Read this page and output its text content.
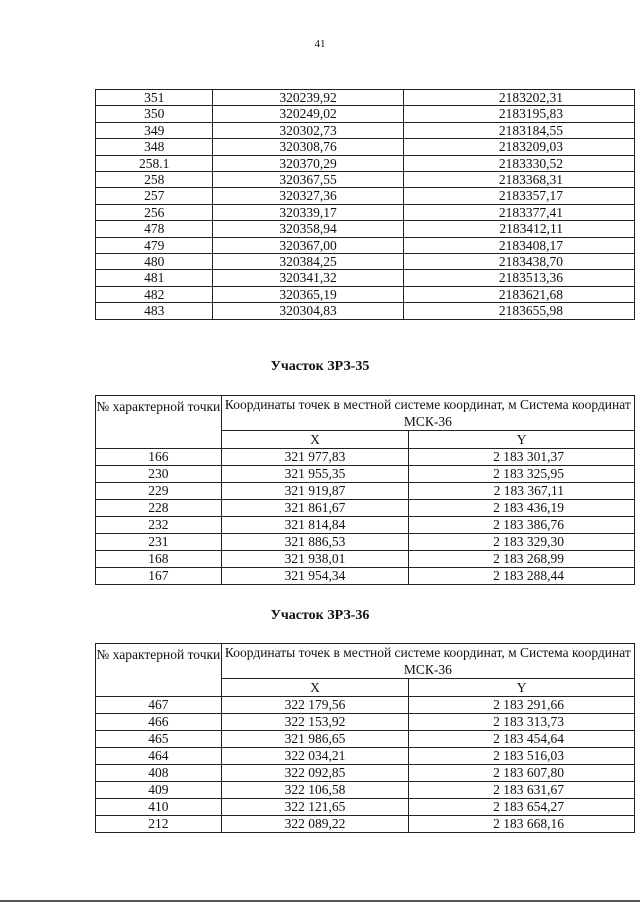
41
351	320239,92	2183202,31
350	320249,02	2183195,83
349	320302,73	2183184,55
348	320308,76	2183209,03
258.1	320370,29	2183330,52
258	320367,55	2183368,31
257	320327,36	2183357,17
256	320339,17	2183377,41
478	320358,94	2183412,11
479	320367,00	2183408,17
480	320384,25	2183438,70
481	320341,32	2183513,36
482	320365,19	2183621,68
483	320304,83	2183655,98
Участок ЗРЗ-35
№ характерной точки	Координаты точек в местной системе координат, м Система координат МСК-36	
	X	Y
166	321 977,83	2 183 301,37
230	321 955,35	2 183 325,95
229	321 919,87	2 183 367,11
228	321 861,67	2 183 436,19
232	321 814,84	2 183 386,76
231	321 886,53	2 183 329,30
168	321 938,01	2 183 268,99
167	321 954,34	2 183 288,44
Участок ЗРЗ-36
№ характерной точки	Координаты точек в местной системе координат, м Система координат МСК-36	
	X	Y
467	322 179,56	2 183 291,66
466	322 153,92	2 183 313,73
465	321 986,65	2 183 454,64
464	322 034,21	2 183 516,03
408	322 092,85	2 183 607,80
409	322 106,58	2 183 631,67
410	322 121,65	2 183 654,27
212	322 089,22	2 183 668,16
